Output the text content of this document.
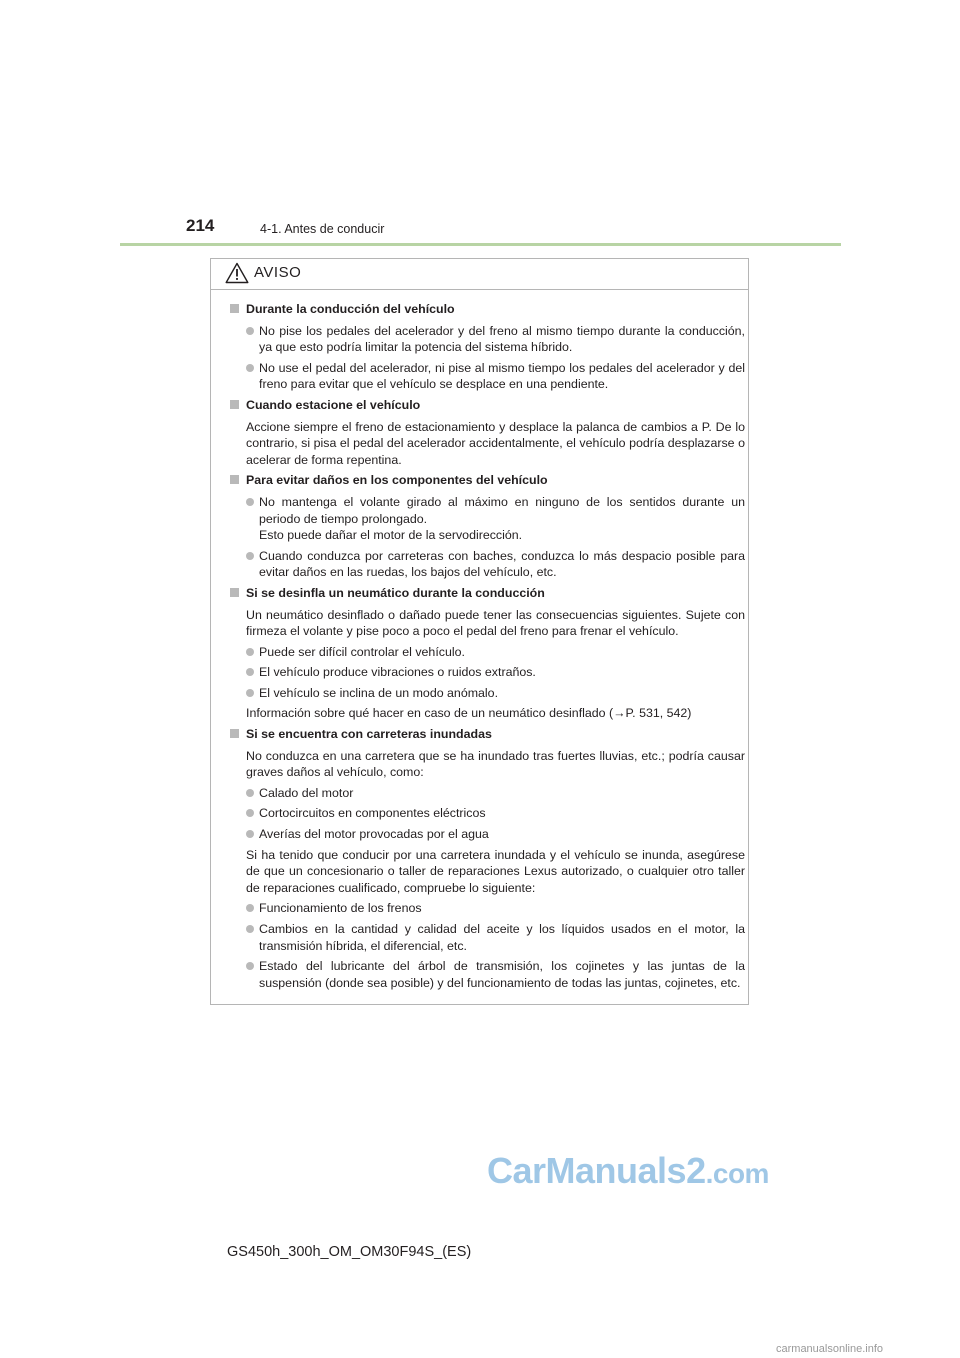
214	4-1. Antes de conducir
AVISO
Durante la conducción del vehículo
No pise los pedales del acelerador y del freno al mismo tiempo durante la conducción, ya que esto podría limitar la potencia del sistema híbrido.
No use el pedal del acelerador, ni pise al mismo tiempo los pedales del acelerador y del freno para evitar que el vehículo se desplace en una pendiente.
Cuando estacione el vehículo
Accione siempre el freno de estacionamiento y desplace la palanca de cambios a P. De lo contrario, si pisa el pedal del acelerador accidentalmente, el vehículo podría desplazarse o acelerar de forma repentina.
Para evitar daños en los componentes del vehículo
No mantenga el volante girado al máximo en ninguno de los sentidos durante un periodo de tiempo prolongado.
Esto puede dañar el motor de la servodirección.
Cuando conduzca por carreteras con baches, conduzca lo más despacio posible para evitar daños en las ruedas, los bajos del vehículo, etc.
Si se desinfla un neumático durante la conducción
Un neumático desinflado o dañado puede tener las consecuencias siguientes. Sujete con firmeza el volante y pise poco a poco el pedal del freno para frenar el vehículo.
Puede ser difícil controlar el vehículo.
El vehículo produce vibraciones o ruidos extraños.
El vehículo se inclina de un modo anómalo.
Información sobre qué hacer en caso de un neumático desinflado (→P. 531, 542)
Si se encuentra con carreteras inundadas
No conduzca en una carretera que se ha inundado tras fuertes lluvias, etc.; podría causar graves daños al vehículo, como:
Calado del motor
Cortocircuitos en componentes eléctricos
Averías del motor provocadas por el agua
Si ha tenido que conducir por una carretera inundada y el vehículo se inunda, asegúrese de que un concesionario o taller de reparaciones Lexus autorizado, o cualquier otro taller de reparaciones cualificado, compruebe lo siguiente:
Funcionamiento de los frenos
Cambios en la cantidad y calidad del aceite y los líquidos usados en el motor, la transmisión híbrida, el diferencial, etc.
Estado del lubricante del árbol de transmisión, los cojinetes y las juntas de la suspensión (donde sea posible) y del funcionamiento de todas las juntas, cojinetes, etc.
CarManuals2.com
GS450h_300h_OM_OM30F94S_(ES)
carmanualsonline.info
